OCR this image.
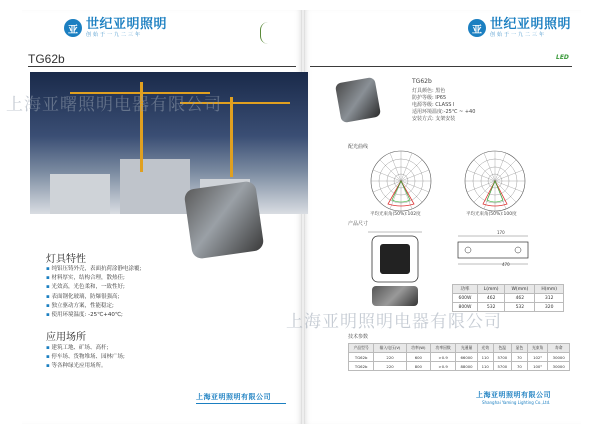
亚 世纪亚明照明
创始于一九二三年
TG62b
上海亚曙照明电器有限公司
灯具特性
▪ 纯铝压铸外壳，表面抗荷涂静电涂覆;
▪ 材料厚实，结构合理，散热佳;
▪ 光效高，光色柔和，一致性好;
▪ 表面钢化玻璃，防爆很强高;
▪ 独立驱动方案，性能稳定;
▪ 使用环境温度: -25℃+40℃;
应用场所
▪ 建筑工地、矿场、高杆;
▪ 停车场、货物堆场、园林广场;
▪ 等各种绿光应用场所。
上海亚明照明有限公司
亚 世纪亚明照明
创始于一九二三年
LED
TG62b
灯具颜色: 黑色
防护等级: IP65
电源等级: CLASS Ⅰ
适用环境温度:-25℃ ~ +40
安装方式: 支架安装
配光曲线
平均光束角(50%):102度	平均光束角(50%):100度
产品尺寸
170
470
功率	L(mm)	W(mm)	H(mm)
600W	462	462	312
800W	532	532	320
上海亚明照明电器有限公司
技术参数
产品型号	输入电压(V)	功率(W)	功率因数	光通量	光效	色温	显色	光束角	寿命
TG62b	220	600	>0.9	66000	110	5700	70	102°	30000
TG62b	220	800	>0.9	88000	110	5700	70	100°	30000
上海亚明照明有限公司
Shanghai Yaming Lighting Co.,Ltd.
